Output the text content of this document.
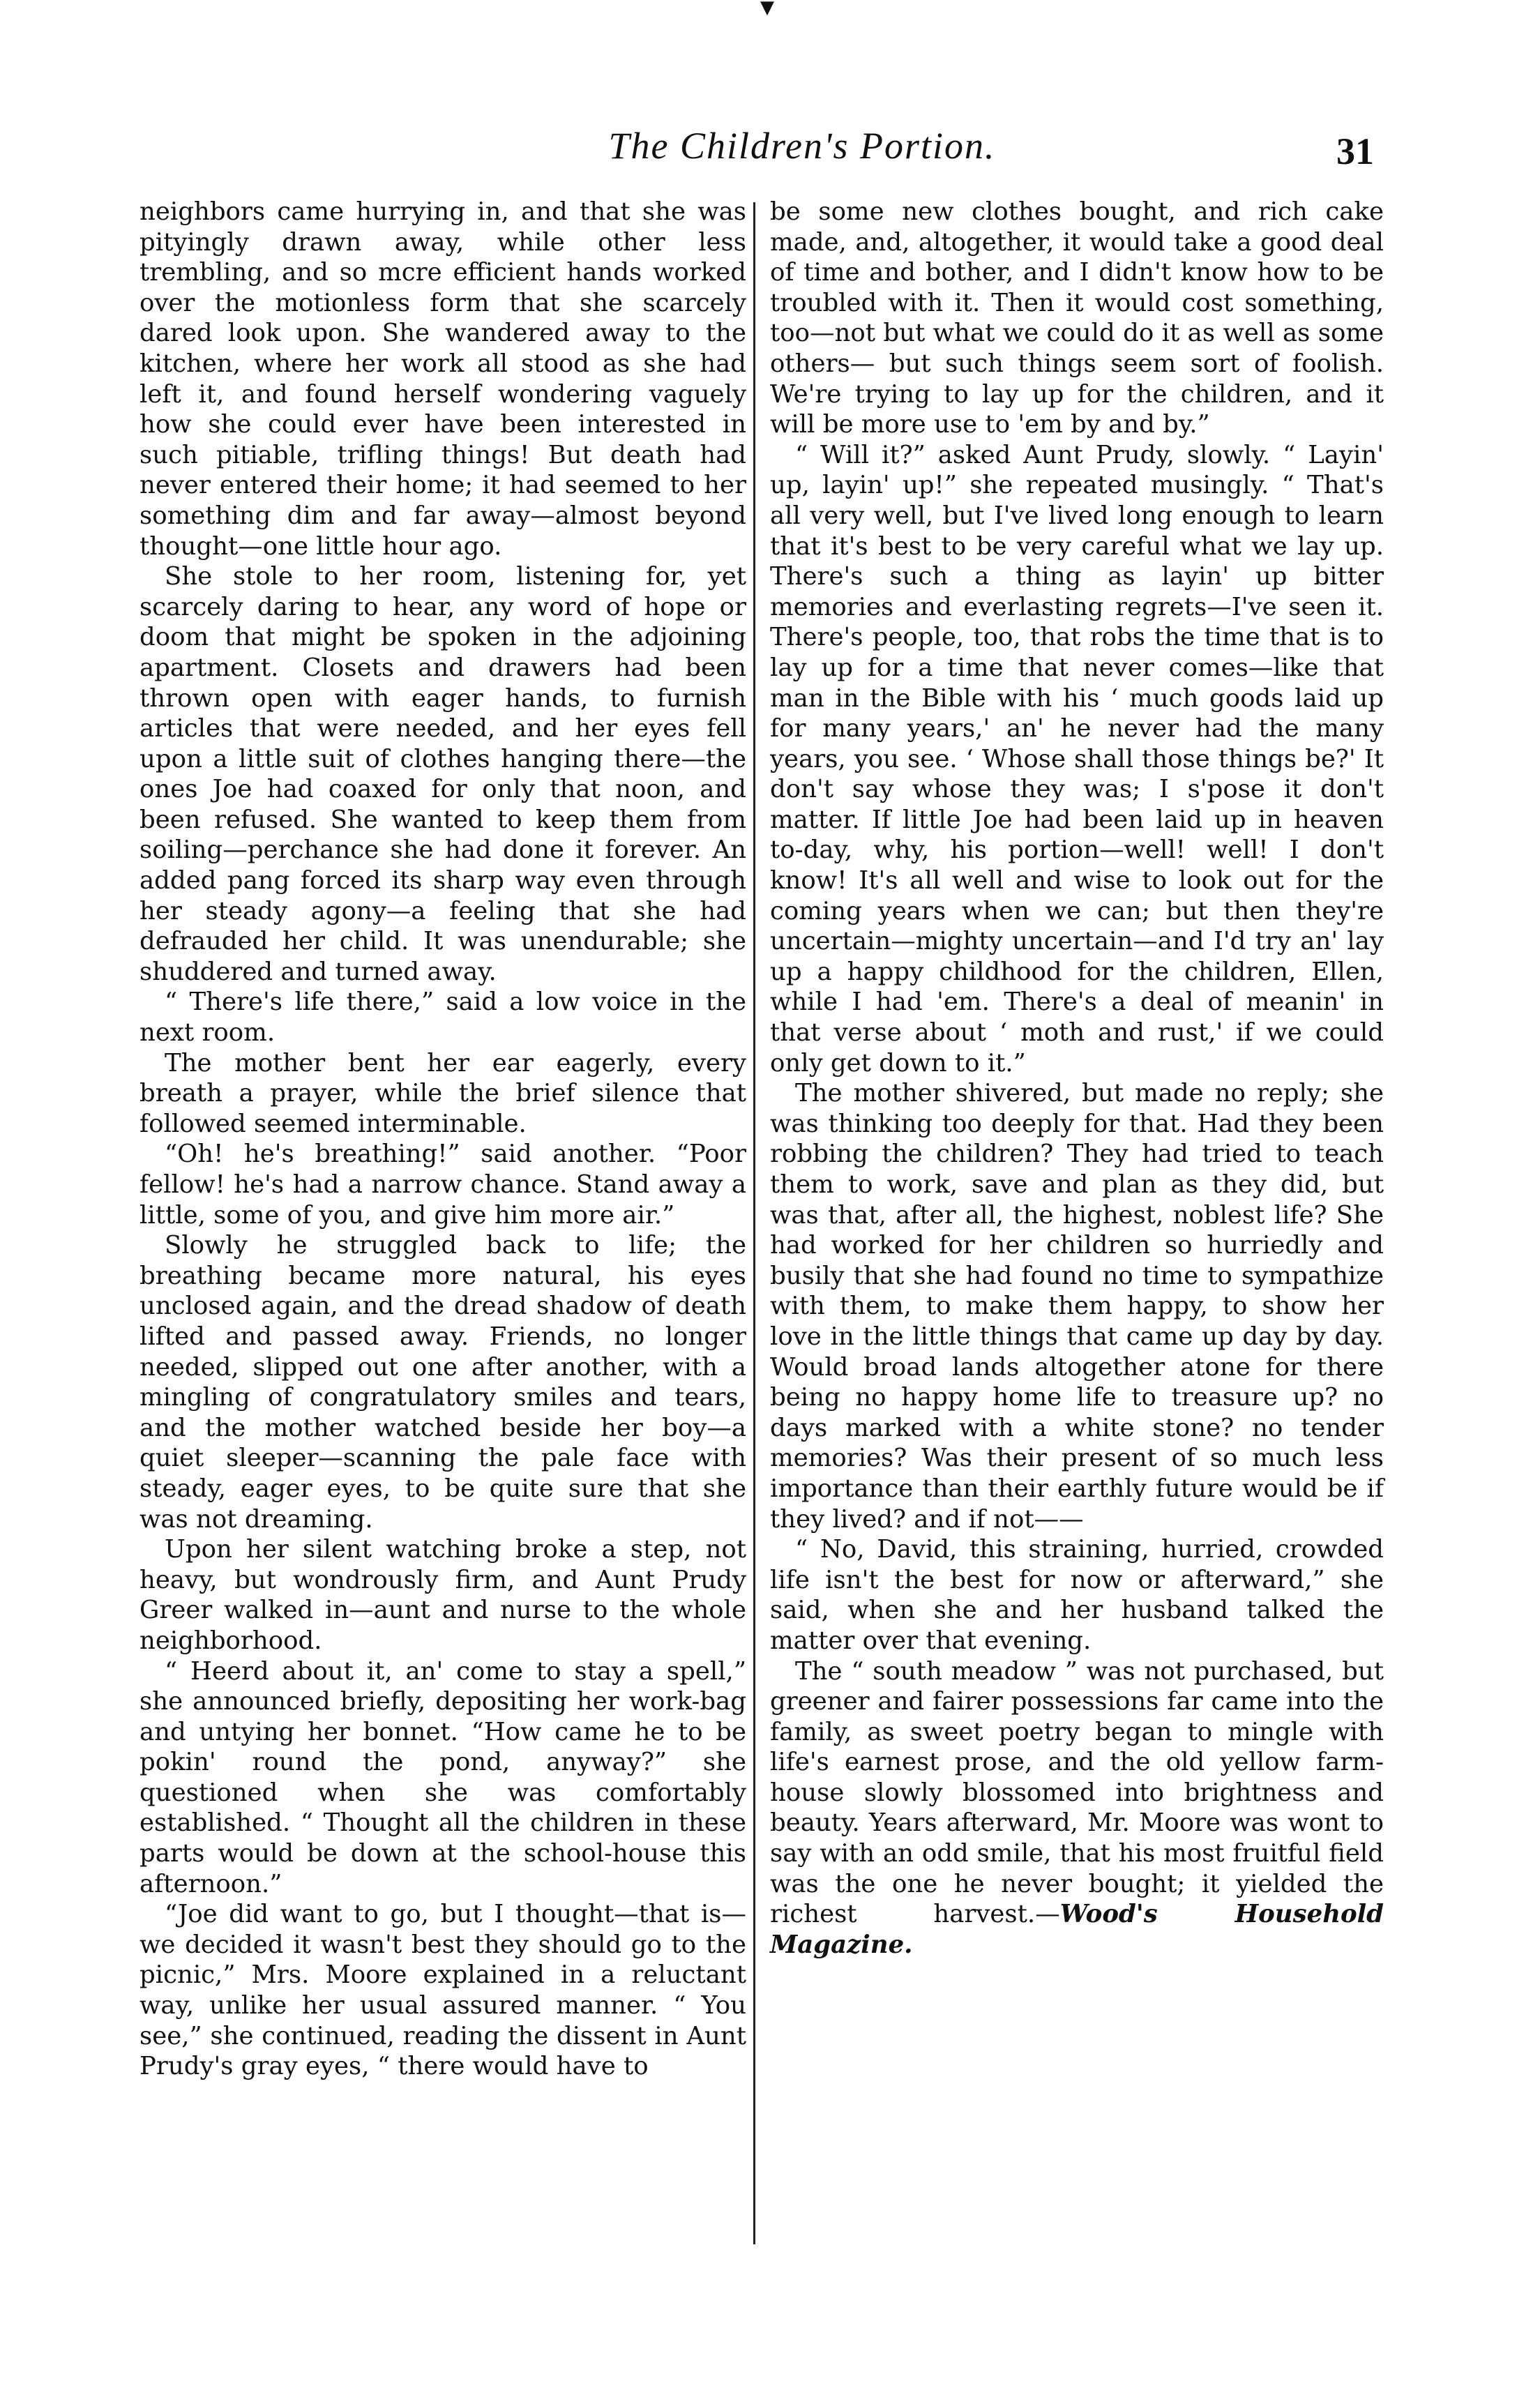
▼
The Children's Portion.	31

neighbors came hurrying in, and that she was pityingly drawn away, while other less trembling, and so mcre efficient hands worked over the motionless form that she scarcely dared look upon. She wandered away to the kitchen, where her work all stood as she had left it, and found herself wondering vaguely how she could ever have been interested in such pitiable, trifling things! But death had never entered their home; it had seemed to her something dim and far away—almost beyond thought—one little hour ago.

She stole to her room, listening for, yet scarcely daring to hear, any word of hope or doom that might be spoken in the adjoining apartment. Closets and drawers had been thrown open with eager hands, to furnish articles that were needed, and her eyes fell upon a little suit of clothes hanging there—the ones Joe had coaxed for only that noon, and been refused. She wanted to keep them from soiling—perchance she had done it forever. An added pang forced its sharp way even through her steady agony—a feeling that she had defrauded her child. It was unendurable; she shuddered and turned away.

“ There's life there,” said a low voice in the next room.

The mother bent her ear eagerly, every breath a prayer, while the brief silence that followed seemed interminable.

“Oh! he's breathing!” said another. “Poor fellow! he's had a narrow chance. Stand away a little, some of you, and give him more air.”

Slowly he struggled back to life; the breathing became more natural, his eyes unclosed again, and the dread shadow of death lifted and passed away. Friends, no longer needed, slipped out one after another, with a mingling of congratulatory smiles and tears, and the mother watched beside her boy—a quiet sleeper—scanning the pale face with steady, eager eyes, to be quite sure that she was not dreaming.

Upon her silent watching broke a step, not heavy, but wondrously firm, and Aunt Prudy Greer walked in—aunt and nurse to the whole neighborhood.

“ Heerd about it, an' come to stay a spell,” she announced briefly, depositing her work-bag and untying her bonnet. “How came he to be pokin' round the pond, anyway?” she questioned when she was comfortably established. “ Thought all the children in these parts would be down at the school-house this afternoon.”

“Joe did want to go, but I thought—that is—we decided it wasn't best they should go to the picnic,” Mrs. Moore explained in a reluctant way, unlike her usual assured manner. “ You see,” she continued, reading the dissent in Aunt Prudy's gray eyes, “ there would have to

be some new clothes bought, and rich cake made, and, altogether, it would take a good deal of time and bother, and I didn't know how to be troubled with it. Then it would cost something, too—not but what we could do it as well as some others— but such things seem sort of foolish. We're trying to lay up for the children, and it will be more use to 'em by and by.”

“ Will it?” asked Aunt Prudy, slowly. “ Layin' up, layin' up!” she repeated musingly. “ That's all very well, but I've lived long enough to learn that it's best to be very careful what we lay up. There's such a thing as layin' up bitter memories and everlasting regrets—I've seen it. There's people, too, that robs the time that is to lay up for a time that never comes—like that man in the Bible with his ‘ much goods laid up for many years,' an' he never had the many years, you see. ‘ Whose shall those things be?' It don't say whose they was; I s'pose it don't matter. If little Joe had been laid up in heaven to-day, why, his portion—well! well! I don't know! It's all well and wise to look out for the coming years when we can; but then they're uncertain—mighty uncertain—and I'd try an' lay up a happy childhood for the children, Ellen, while I had 'em. There's a deal of meanin' in that verse about ‘ moth and rust,' if we could only get down to it.”

The mother shivered, but made no reply; she was thinking too deeply for that. Had they been robbing the children? They had tried to teach them to work, save and plan as they did, but was that, after all, the highest, noblest life? She had worked for her children so hurriedly and busily that she had found no time to sympathize with them, to make them happy, to show her love in the little things that came up day by day. Would broad lands altogether atone for there being no happy home life to treasure up? no days marked with a white stone? no tender memories? Was their present of so much less importance than their earthly future would be if they lived? and if not——

“ No, David, this straining, hurried, crowded life isn't the best for now or afterward,” she said, when she and her husband talked the matter over that evening.

The “ south meadow ” was not purchased, but greener and fairer possessions far came into the family, as sweet poetry began to mingle with life's earnest prose, and the old yellow farm-house slowly blossomed into brightness and beauty. Years afterward, Mr. Moore was wont to say with an odd smile, that his most fruitful field was the one he never bought; it yielded the richest harvest.—Wood's Household Magazine.
